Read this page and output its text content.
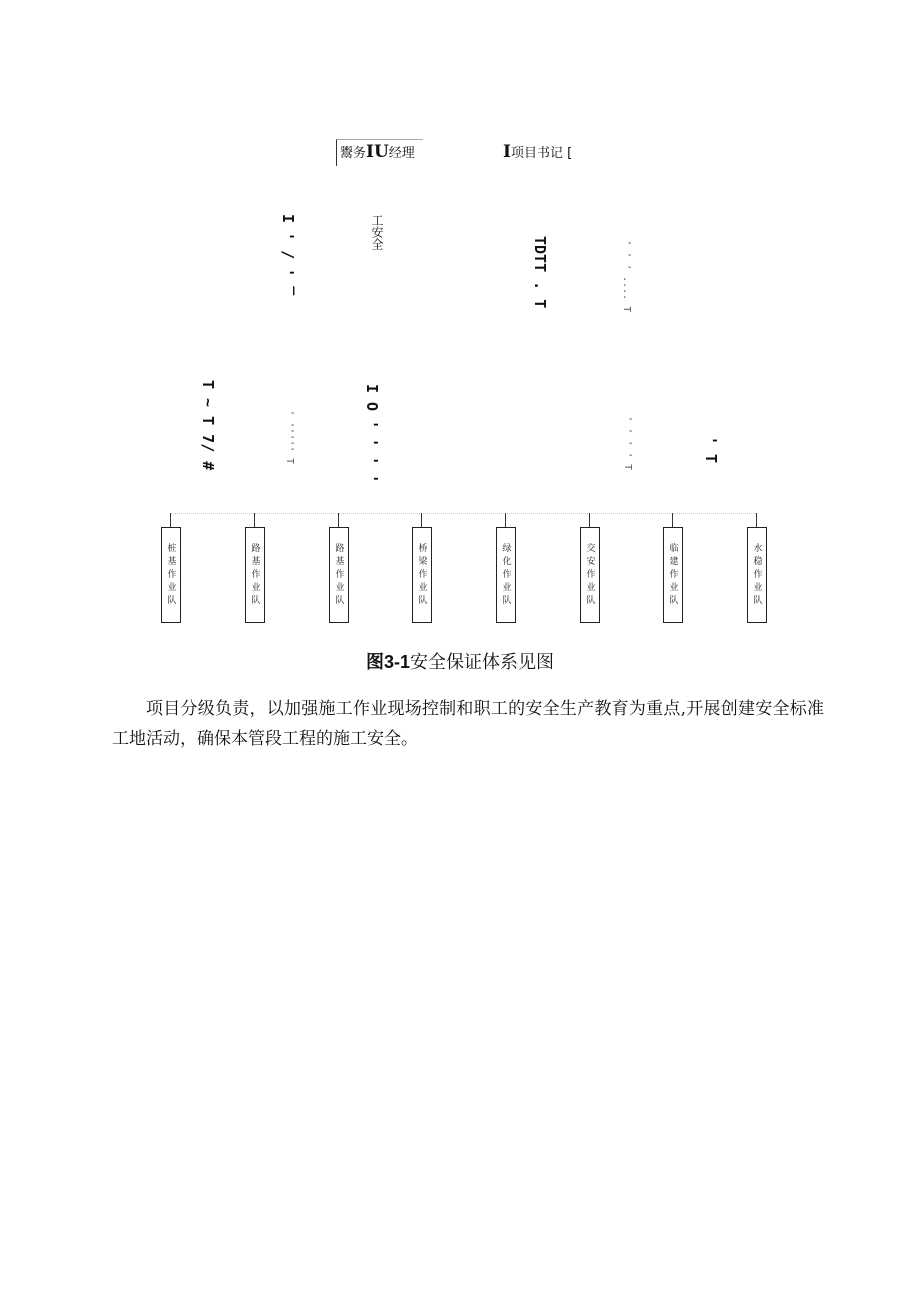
鬻务IU经理	I项目书记 [
I ' / ' ‾	工安全
TDTT . T	' ' ' .... T
T ~ T 7/ #	' ''''' T	I O ' ' ' '	' ' ' ' T	' T
桩基作业队	路基作业队	路基作业队	桥梁作业队	绿化作业队	交安作业队	临建作业队	水稳作业队
图3-1安全保证体系见图
项目分级负责，以加强施工作业现场控制和职工的安全生产教育为重点,开展创建安全标准工地活动，确保本管段工程的施工安全。
